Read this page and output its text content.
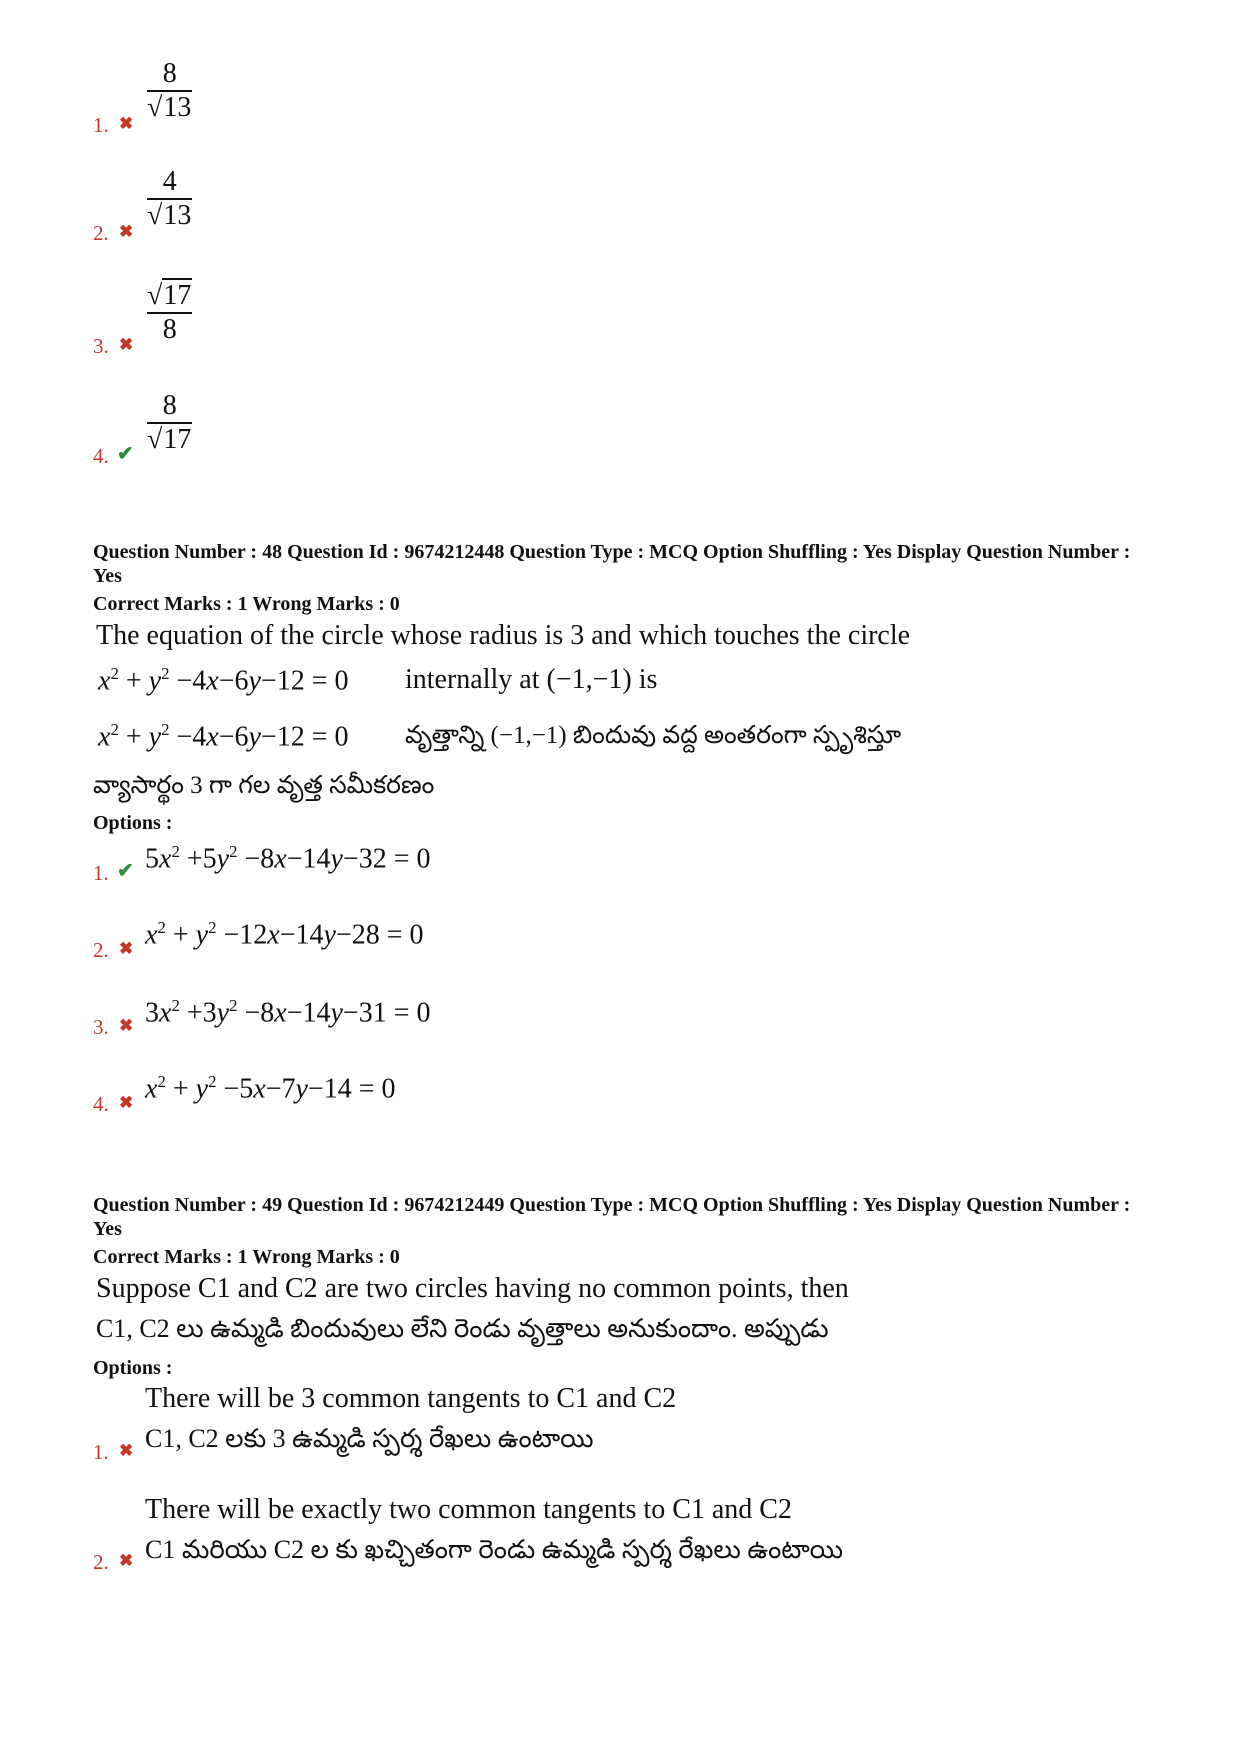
1. ✖
8
√13
2. ✖
4
√13
3. ✖
√17
8
4. ✔
8
√17
Question Number : 48 Question Id : 9674212448 Question Type : MCQ Option Shuffling : Yes Display Question Number : Yes
Correct Marks : 1 Wrong Marks : 0
The equation of the circle whose radius is 3 and which touches the circle
$x^2 + y^2 -4x-6y-12 = 0$ internally at (−1,−1) is
$x^2 + y^2 -4x-6y-12 = 0$ వృత్తాన్ని (−1,−1) బిందువు వద్ద అంతరంగా స్పృశిస్తూ
వ్యాసార్థం 3 గా గల వృత్త సమీకరణం
Options :
1. ✔ $5x^2 +5y^2 -8x-14y-32 = 0$
2. ✖ $x^2 + y^2 -12x-14y-28 = 0$
3. ✖ $3x^2 +3y^2 -8x-14y-31 = 0$
4. ✖ $x^2 + y^2 -5x-7y-14 = 0$
Question Number : 49 Question Id : 9674212449 Question Type : MCQ Option Shuffling : Yes Display Question Number : Yes
Correct Marks : 1 Wrong Marks : 0
Suppose C1 and C2 are two circles having no common points, then
C1, C2 లు ఉమ్మడి బిందువులు లేని రెండు వృత్తాలు అనుకుందాం. అప్పుడు
Options :
There will be 3 common tangents to C1 and C2
1. ✖ C1, C2 లకు 3 ఉమ్మడి స్పర్శ రేఖలు ఉంటాయి
There will be exactly two common tangents to C1 and C2
2. ✖ C1 మరియు C2 ల కు ఖచ్చితంగా రెండు ఉమ్మడి స్పర్శ రేఖలు ఉంటాయి
